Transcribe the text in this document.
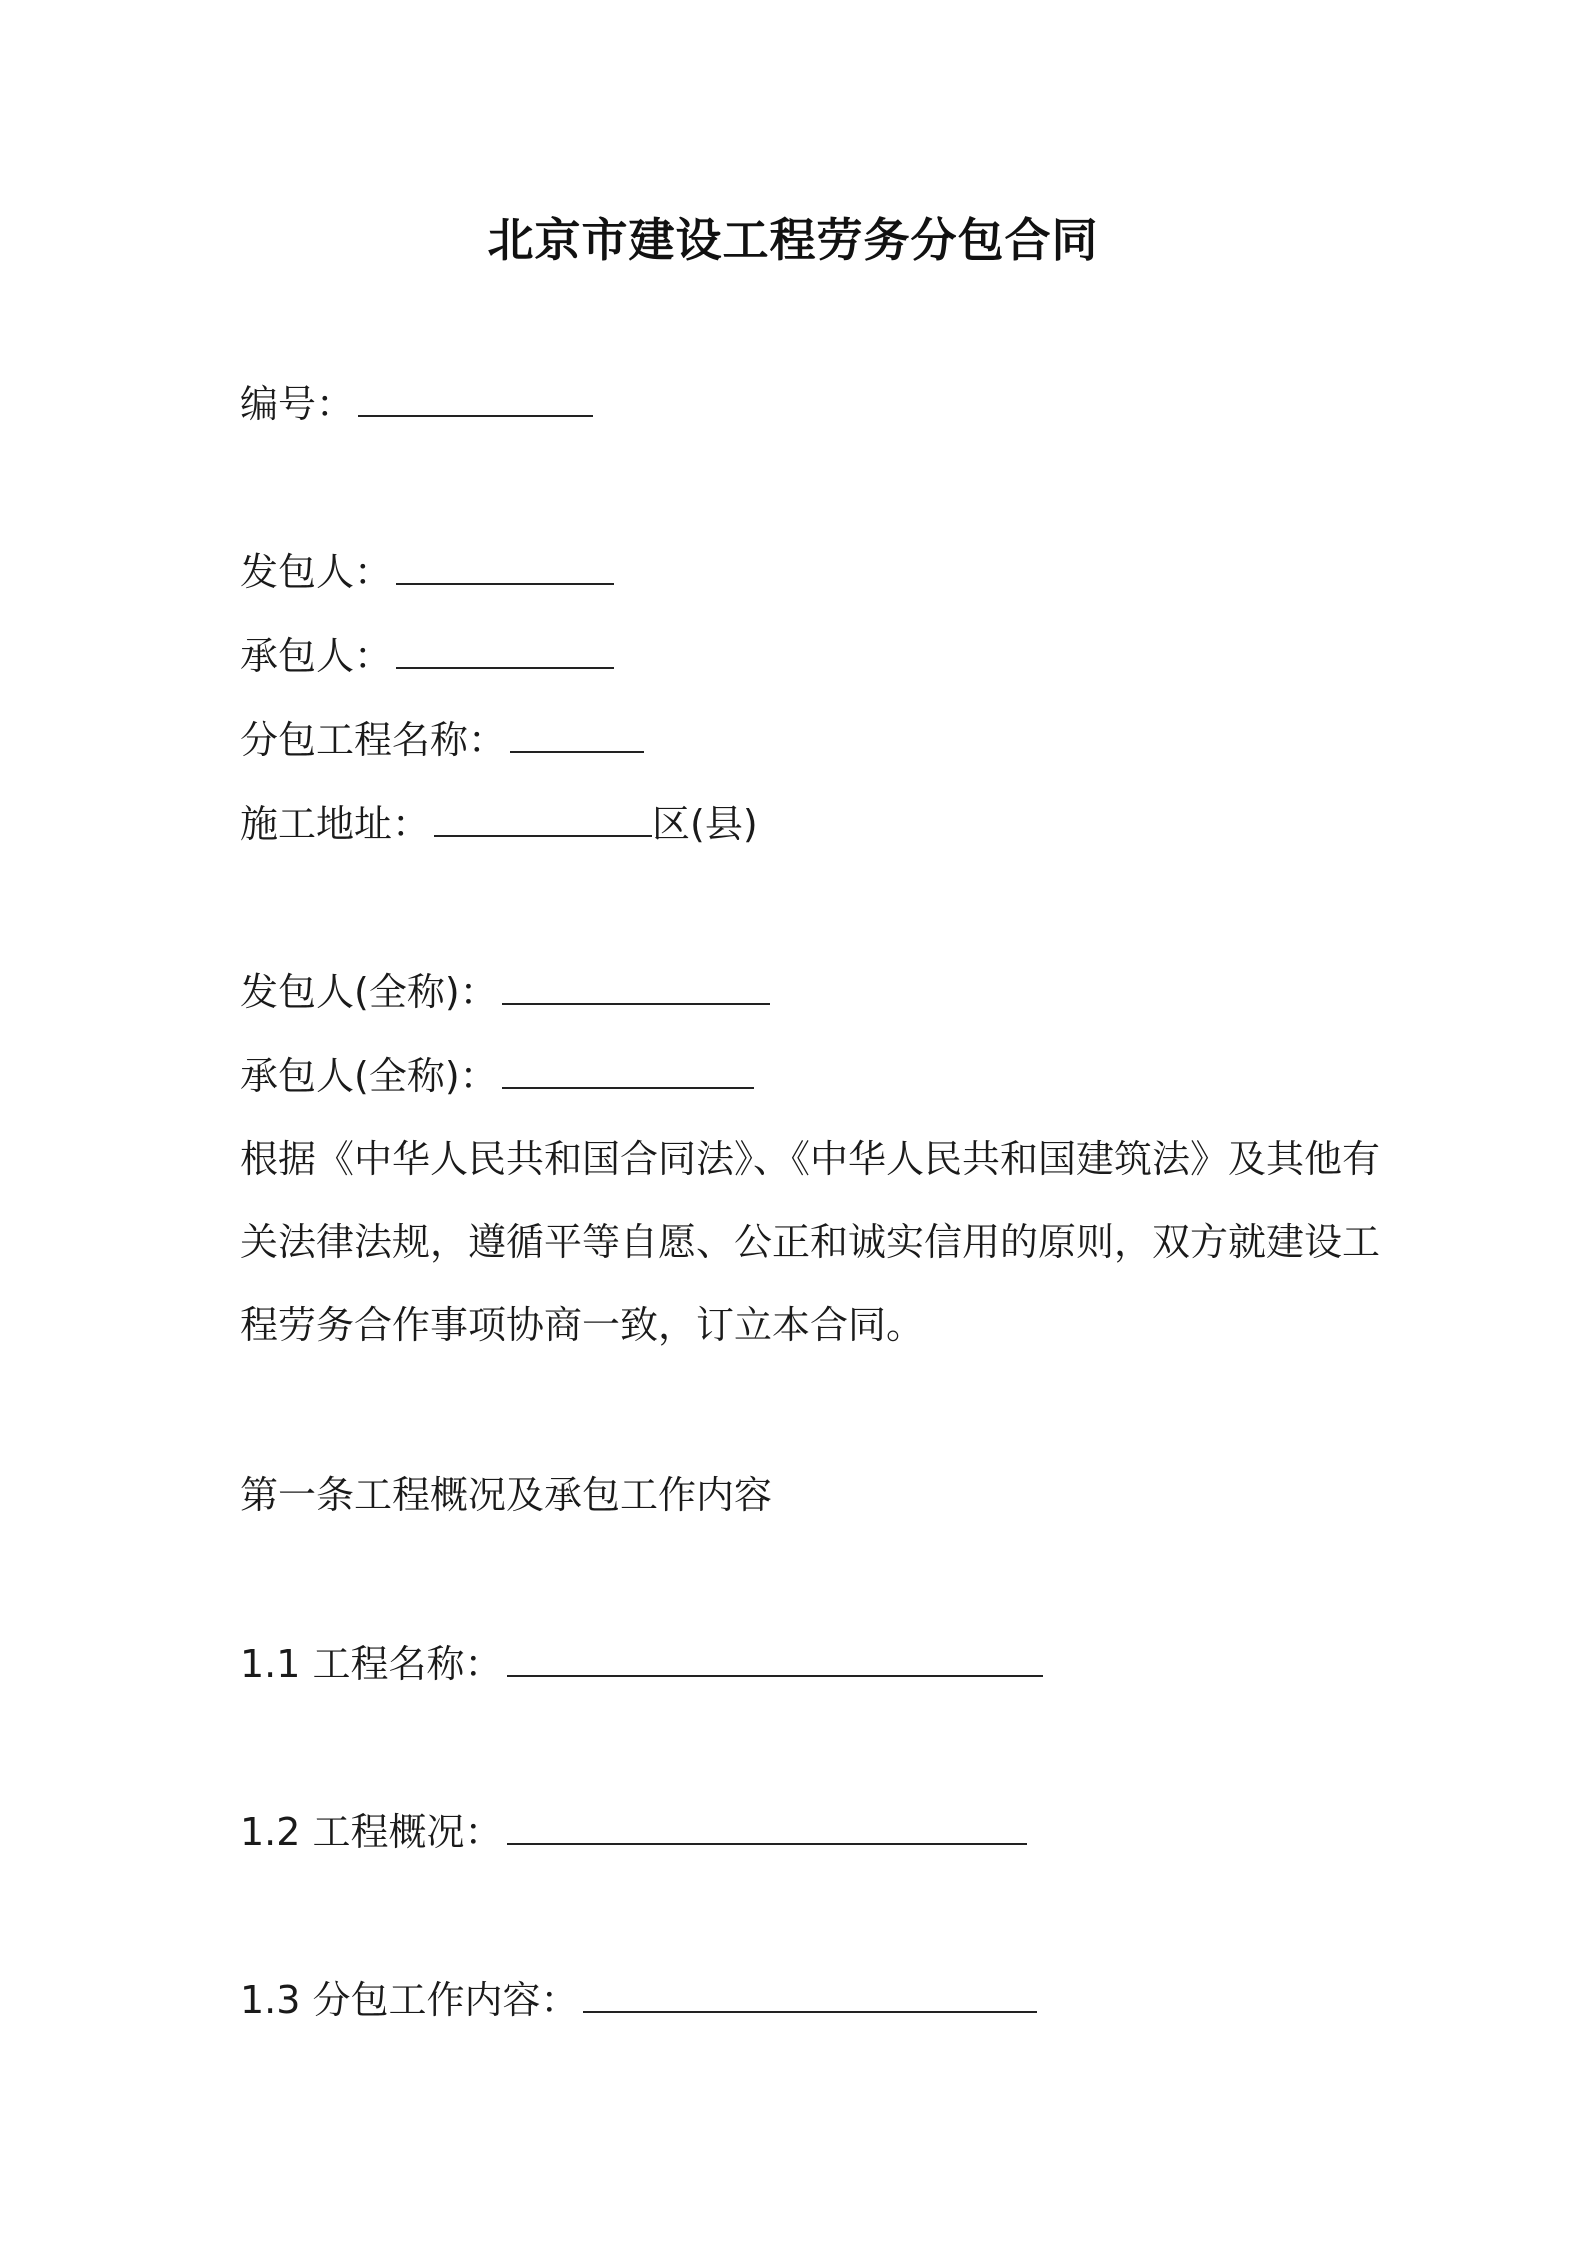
北京市建设工程劳务分包合同
编号：
发包人：
承包人：
分包工程名称：
施工地址：	区(县)
发包人(全称)：
承包人(全称)：
根据《中华人民共和国合同法》、《中华人民共和国建筑法》及其他有
关法律法规，遵循平等自愿、公正和诚实信用的原则，双方就建设工
程劳务合作事项协商一致，订立本合同。
第一条工程概况及承包工作内容
1.1 工程名称：
1.2 工程概况：
1.3 分包工作内容：
